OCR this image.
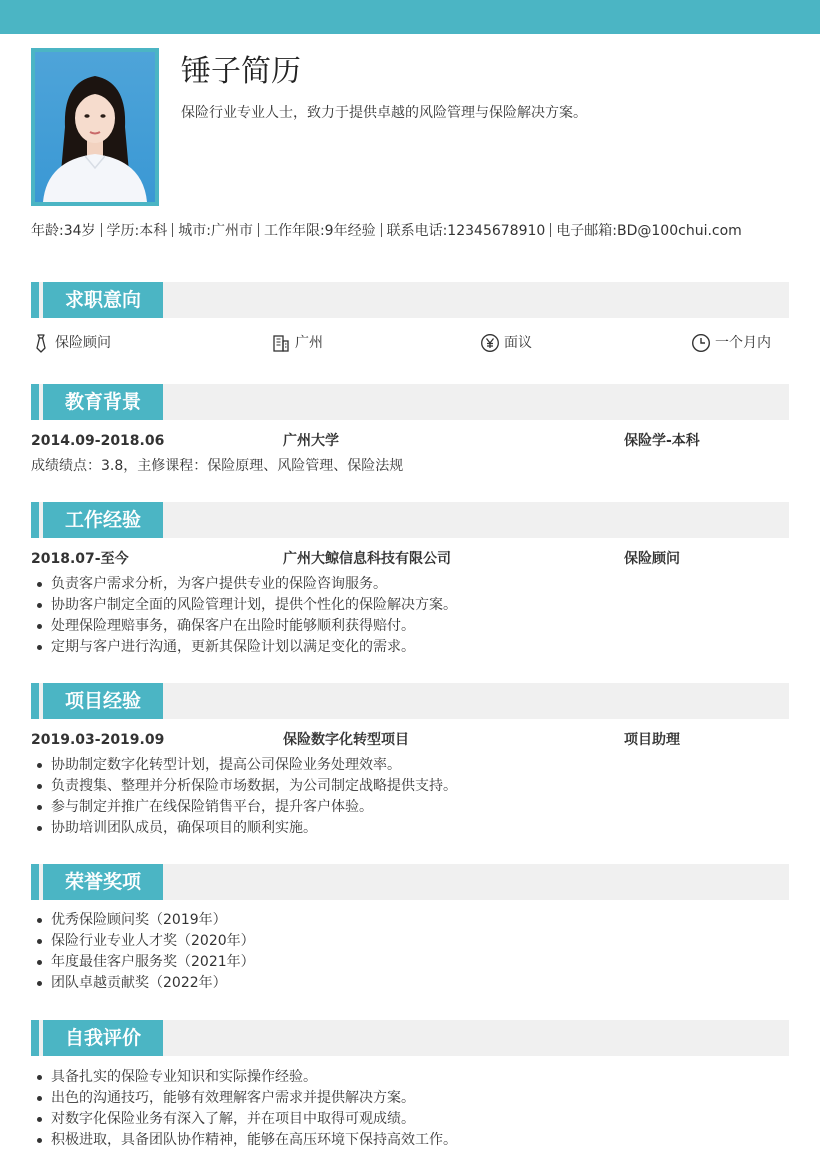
锤子简历
保险行业专业人士，致力于提供卓越的风险管理与保险解决方案。
年龄:34岁 学历:本科 城市:广州市 工作年限:9年经验 联系电话:12345678910 电子邮箱:BD@100chui.com
求职意向
保险顾问	广州	面议	一个月内
教育背景
2014.09-2018.06	广州大学	保险学-本科
成绩绩点：3.8，主修课程：保险原理、风险管理、保险法规
工作经验
2018.07-至今	广州大鲸信息科技有限公司	保险顾问
负责客户需求分析，为客户提供专业的保险咨询服务。
协助客户制定全面的风险管理计划，提供个性化的保险解决方案。
处理保险理赔事务，确保客户在出险时能够顺利获得赔付。
定期与客户进行沟通，更新其保险计划以满足变化的需求。
项目经验
2019.03-2019.09	保险数字化转型项目	项目助理
协助制定数字化转型计划，提高公司保险业务处理效率。
负责搜集、整理并分析保险市场数据，为公司制定战略提供支持。
参与制定并推广在线保险销售平台，提升客户体验。
协助培训团队成员，确保项目的顺利实施。
荣誉奖项
优秀保险顾问奖（2019年）
保险行业专业人才奖（2020年）
年度最佳客户服务奖（2021年）
团队卓越贡献奖（2022年）
自我评价
具备扎实的保险专业知识和实际操作经验。
出色的沟通技巧，能够有效理解客户需求并提供解决方案。
对数字化保险业务有深入了解，并在项目中取得可观成绩。
积极进取，具备团队协作精神，能够在高压环境下保持高效工作。
